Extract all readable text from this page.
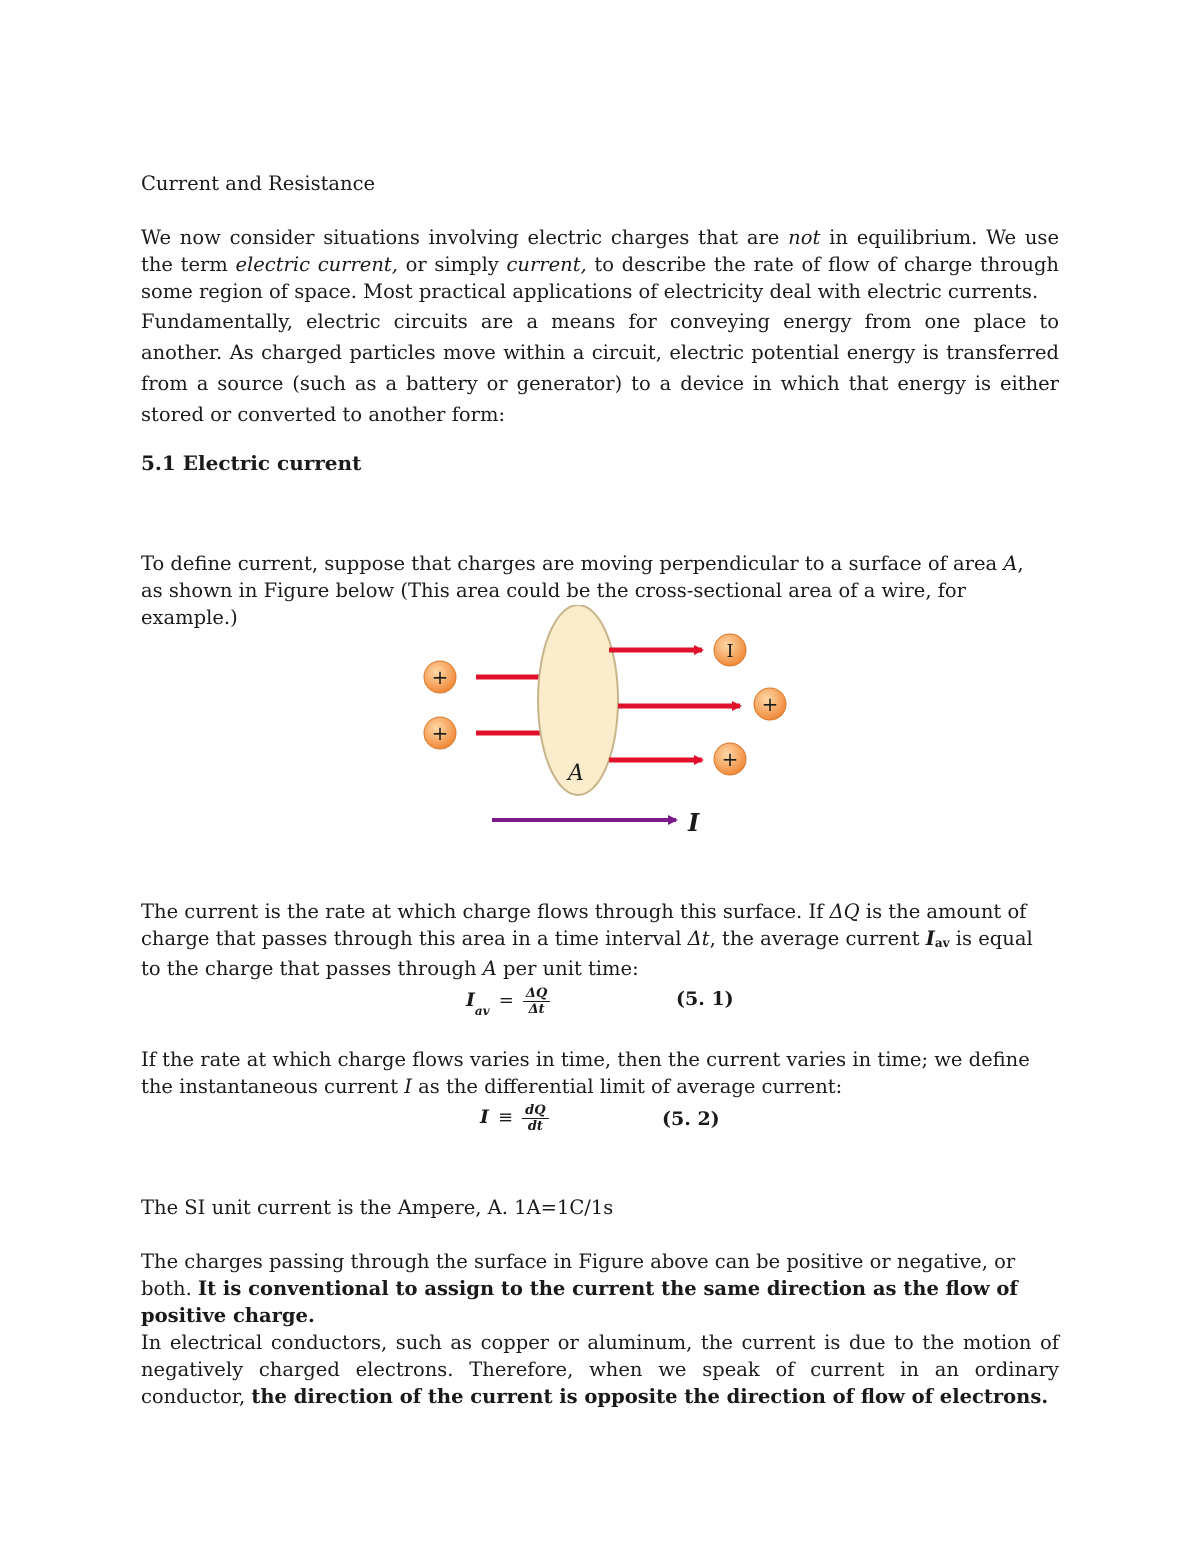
Current and Resistance
We now consider situations involving electric charges that are not in equilibrium. We use the term electric current, or simply current, to describe the rate of flow of charge through some region of space. Most practical applications of electricity deal with electric currents.
Fundamentally, electric circuits are a means for conveying energy from one place to another. As charged particles move within a circuit, electric potential energy is transferred from a source (such as a battery or generator) to a device in which that energy is either stored or converted to another form:
5.1 Electric current
To define current, suppose that charges are moving perpendicular to a surface of area A, as shown in Figure below (This area could be the cross-sectional area of a wire, for example.)
The current is the rate at which charge flows through this surface. If ΔQ is the amount of charge that passes through this area in a time interval Δt, the average current Iav is equal to the charge that passes through A per unit time:
If the rate at which charge flows varies in time, then the current varies in time; we define the instantaneous current I as the differential limit of average current:
The SI unit current is the Ampere, A. 1A=1C/1s
The charges passing through the surface in Figure above can be positive or negative, or both. It is conventional to assign to the current the same direction as the flow of positive charge.
In electrical conductors, such as copper or aluminum, the current is due to the motion of negatively charged electrons. Therefore, when we speak of current in an ordinary conductor, the direction of the current is opposite the direction of flow of electrons.
$I_{av} = \frac{\Delta Q}{\Delta t}$	(5. 1)
$I \equiv \frac{dQ}{dt}$	(5. 2)
A
I
+
+
I
+
+
